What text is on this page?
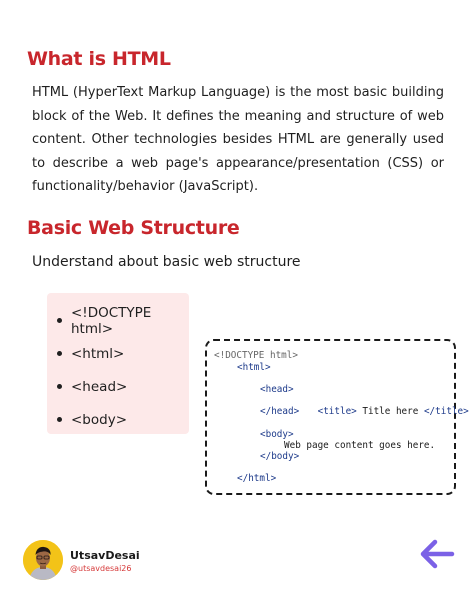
What is HTML

HTML (HyperText Markup Language) is the most basic building block of the Web. It defines the meaning and structure of web content. Other technologies besides HTML are generally used to describe a web page's appearance/presentation (CSS) or functionality/behavior (JavaScript).

Basic Web Structure
Understand about basic web structure
<!DOCTYPE html>
<html>
<head>
<body>
<!DOCTYPE html>
<html>
<head>

<title> Title here </title>

</head>
<body>
Web page content goes here.
</body>
</html>
UtsavDesai
@utsavdesai26
